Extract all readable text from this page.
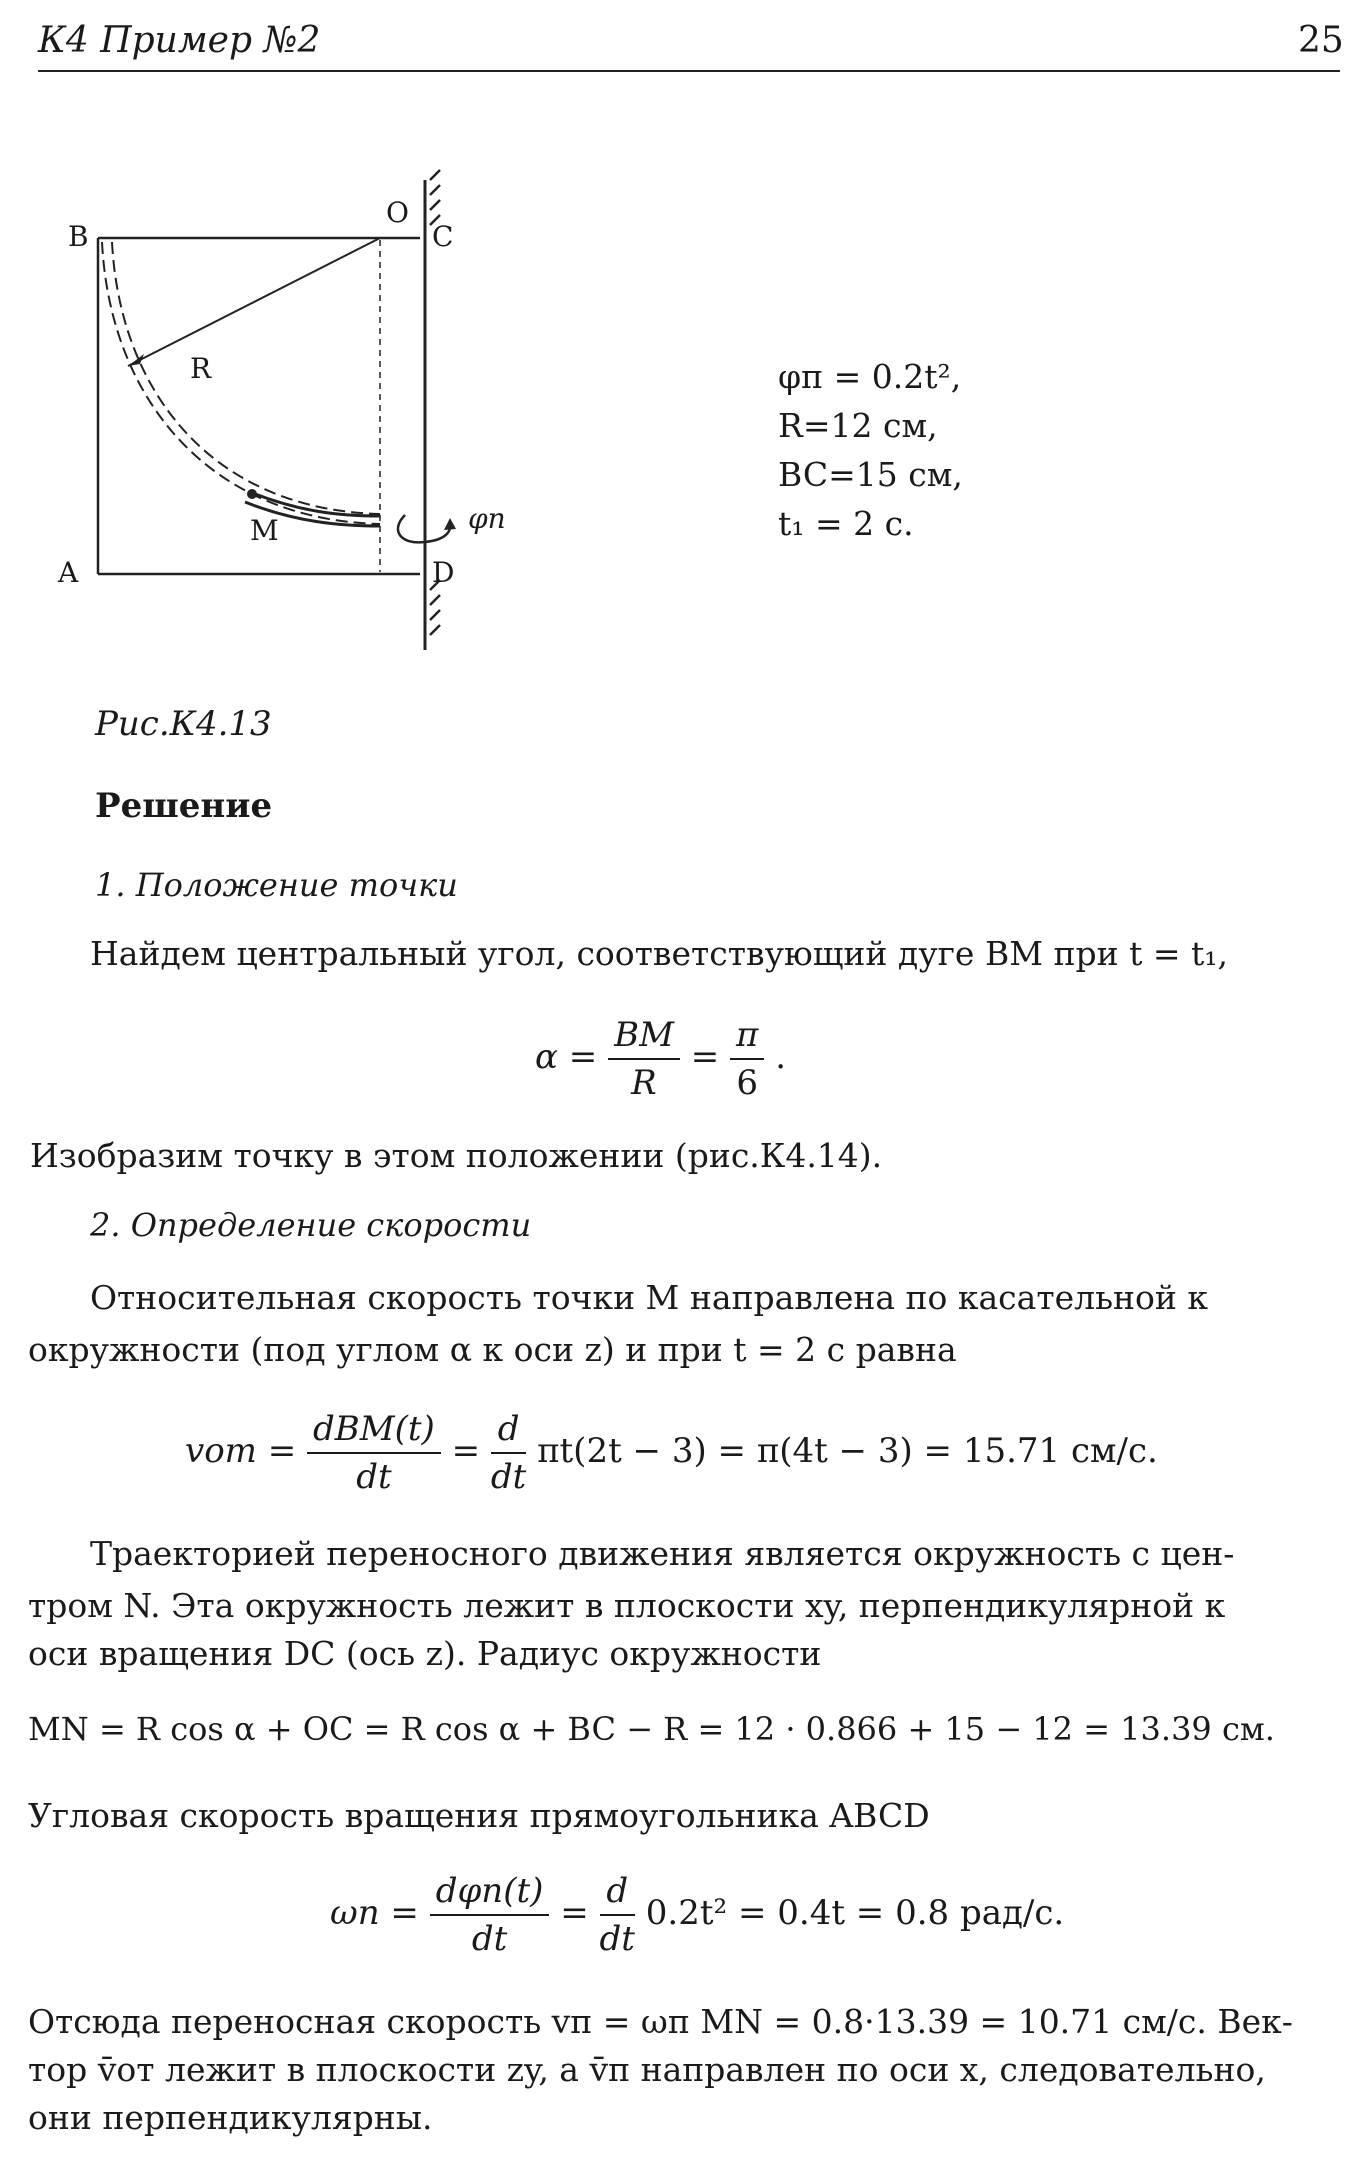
К4 Пример №2	25
B
O
C
R
M
A	D
φп
φп = 0.2t²,
R=12 см,
BC=15 см,
t₁ = 2 с.
Рис.К4.13
Решение
1. Положение точки
Найдем центральный угол, соответствующий дуге BM при t = t₁,
$\alpha = \frac{BM}{R} = \frac{\pi}{6}$ .
Изобразим точку в этом положении (рис.К4.14).
2. Определение скорости
Относительная скорость точки M направлена по касательной к
окружности (под углом α к оси z) и при t = 2 с равна
vот = $\frac{\text{dBM(t)}}{dt} = \frac{d}{dt} \pi t(2t - 3) = \pi(4t - 3) = 15.71$ см/с.
Траекторией переносного движения является окружность с цен-
тром N. Эта окружность лежит в плоскости xy, перпендикулярной к
оси вращения DC (ось z). Радиус окружности
MN = R cos α + OC = R cos α + BC − R = 12 · 0.866 + 15 − 12 = 13.39 см.
Угловая скорость вращения прямоугольника ABCD
$\omega п = \frac{\text{dφп(t)}}{dt} = \frac{d}{dt} 0.2t^2 = 0.4t = 0.8$ рад/с.
Отсюда переносная скорость vп = ωп MN = 0.8·13.39 = 10.71 см/с. Век-
тор v̄от лежит в плоскости zy, а v̄п направлен по оси x, следовательно,
они перпендикулярны.
